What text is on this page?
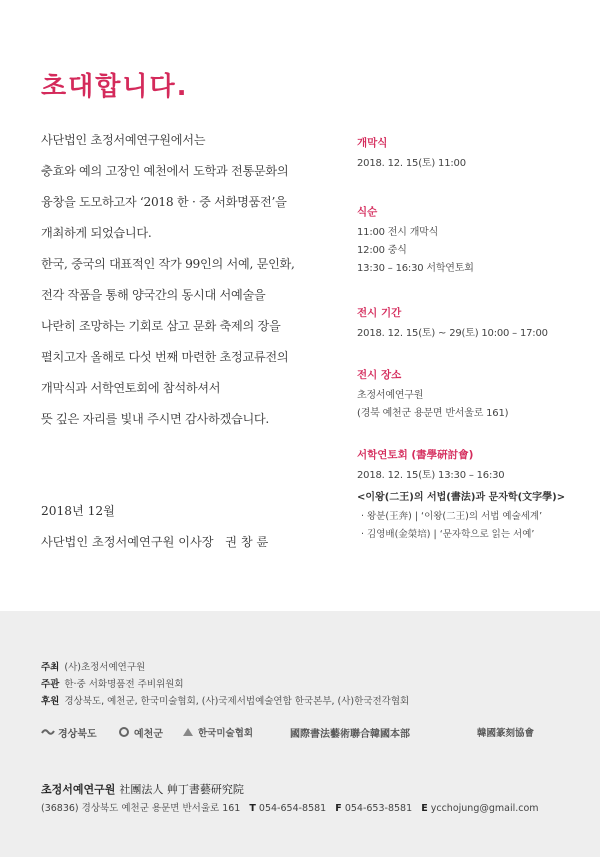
초대합니다.
사단법인 초정서예연구원에서는
충효와 예의 고장인 예천에서 도학과 전통문화의
융창을 도모하고자 ‘2018 한 · 중 서화명품전’을
개최하게 되었습니다.
한국, 중국의 대표적인 작가 99인의 서예, 문인화,
전각 작품을 통해 양국간의 동시대 서예술을
나란히 조망하는 기회로 삼고 문화 축제의 장을
펼치고자 올해로 다섯 번째 마련한 초정교류전의
개막식과 서학연토회에 참석하셔서
뜻 깊은 자리를 빛내 주시면 감사하겠습니다.
2018년 12월
사단법인 초정서예연구원 이사장   권 창 륜
개막식
2018. 12. 15(토) 11:00
식순
11:00 전시 개막식
12:00 중식
13:30 – 16:30 서학연토회
전시 기간
2018. 12. 15(토) ~ 29(토) 10:00 – 17:00
전시 장소
초정서예연구원
(경북 예천군 용문면 반서울로 161)
서학연토회 (書學硏討會)
2018. 12. 15(토) 13:30 – 16:30
<이왕(二王)의 서법(書法)과 문자학(文字學)>
· 왕분(王奔) | ‘이왕(二王)의 서법 예술세계’
· 김영배(金榮培) | ‘문자학으로 읽는 서예’
주최 (사)초정서예연구원
주관 한·중 서화명품전 주비위원회
후원 경상북도, 예천군, 한국미술협회, (사)국제서법예술연합 한국본부, (사)한국전각협회
경상북도	예천군	한국미술협회	國際書法藝術聯合韓國本部	韓國篆刻協會
초정서예연구원 社團法人 艸丁書藝研究院
(36836) 경상북도 예천군 용문면 반서울로 161 T 054-654-8581 F 054-653-8581 E ycchojung@gmail.com
